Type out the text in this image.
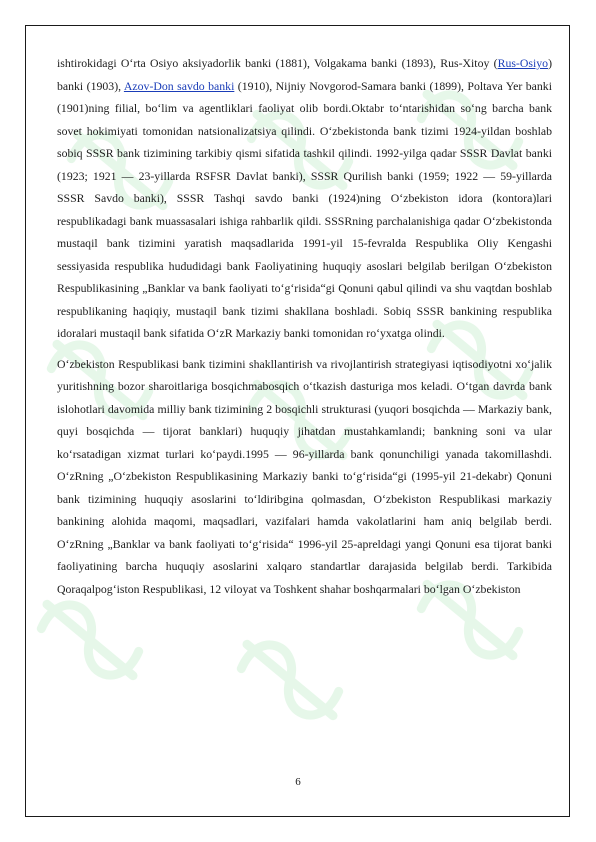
ishtirokidagi O‘rta Osiyo aksiyadorlik banki (1881), Volgakama banki (1893), Rus-Xitoy (Rus-Osiyo) banki (1903), Azov-Don savdo banki (1910), Nijniy Novgorod-Samara banki (1899), Poltava Yer banki (1901)ning filial, bo‘lim va agentliklari faoliyat olib bordi.Oktabr to‘ntarishidan so‘ng barcha bank sovet hokimiyati tomonidan natsionalizatsiya qilindi. O‘zbekistonda bank tizimi 1924-yildan boshlab sobiq SSSR bank tizimining tarkibiy qismi sifatida tashkil qilindi. 1992-yilga qadar SSSR Davlat banki (1923; 1921 — 23-yillarda RSFSR Davlat banki), SSSR Qurilish banki (1959; 1922 — 59-yillarda SSSR Savdo banki), SSSR Tashqi savdo banki (1924)ning O‘zbekiston idora (kontora)lari respublikadagi bank muassasalari ishiga rahbarlik qildi. SSSRning parchalanishiga qadar O‘zbekistonda mustaqil bank tizimini yaratish maqsadlarida 1991-yil 15-fevralda Respublika Oliy Kengashi sessiyasida respublika hududidagi bank Faoliyatining huquqiy asoslari belgilab berilgan O‘zbekiston Respublikasining „Banklar va bank faoliyati to‘g‘risida“gi Qonuni qabul qilindi va shu vaqtdan boshlab respublikaning haqiqiy, mustaqil bank tizimi shakllana boshladi. Sobiq SSSR bankining respublika idoralari mustaqil bank sifatida O‘zR Markaziy banki tomonidan ro‘yxatga olindi.

O‘zbekiston Respublikasi bank tizimini shakllantirish va rivojlantirish strategiyasi iqtisodiyotni xo‘jalik yuritishning bozor sharoitlariga bosqichmabosqich o‘tkazish dasturiga mos keladi. O‘tgan davrda bank islohotlari davomida milliy bank tizimining 2 bosqichli strukturasi (yuqori bosqichda — Markaziy bank, quyi bosqichda — tijorat banklari) huquqiy jihatdan mustahkamlandi; bankning soni va ular ko‘rsatadigan xizmat turlari ko‘paydi.1995 — 96-yillarda bank qonunchiligi yanada takomillashdi. O‘zRning „O‘zbekiston Respublikasining Markaziy banki to‘g‘risida“gi (1995-yil 21-dekabr) Qonuni bank tizimining huquqiy asoslarini to‘ldiribgina qolmasdan, O‘zbekiston Respublikasi markaziy bankining alohida maqomi, maqsadlari, vazifalari hamda vakolatlarini ham aniq belgilab berdi. O‘zRning „Banklar va bank faoliyati to‘g‘risida“ 1996-yil 25-apreldagi yangi Qonuni esa tijorat banki faoliyatining barcha huquqiy asoslarini xalqaro standartlar darajasida belgilab berdi. Tarkibida Qoraqalpog‘iston Respublikasi, 12 viloyat va Toshkent shahar boshqarmalari bo‘lgan O‘zbekiston

6
